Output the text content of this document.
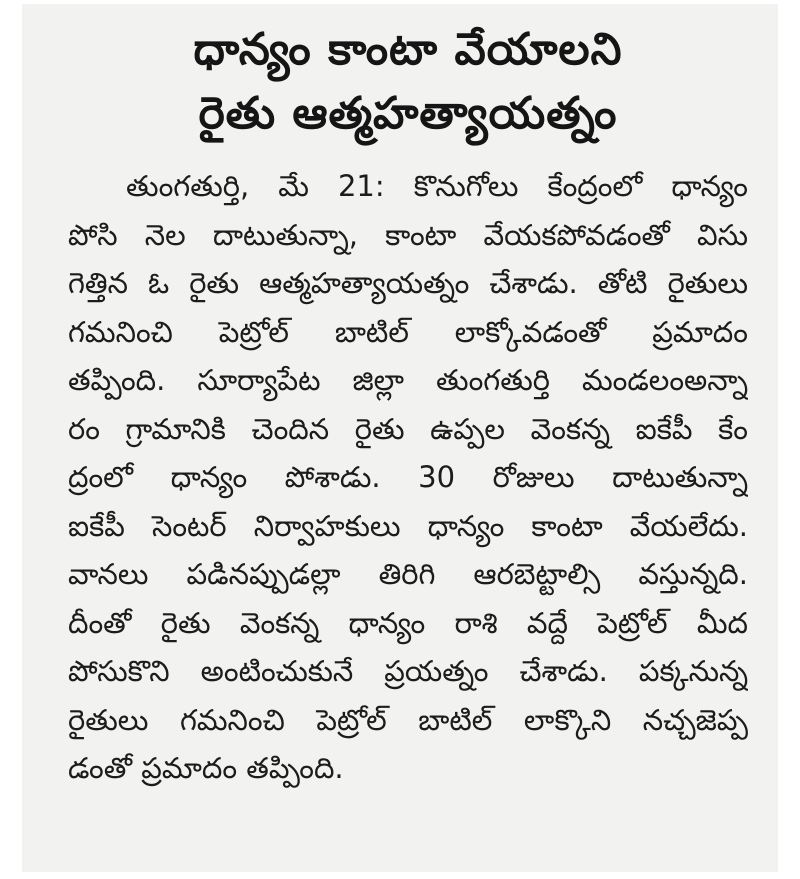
ధాన్యం కాంటా వేయాలని
రైతు ఆత్మహత్యాయత్నం
తుంగతుర్తి, మే 21: కొనుగోలు కేంద్రంలో ధాన్యం
పోసి నెల దాటుతున్నా, కాంటా వేయకపోవడంతో విసు
గెత్తిన ఓ రైతు ఆత్మహత్యాయత్నం చేశాడు. తోటి రైతులు
గమనించి పెట్రోల్ బాటిల్ లాక్కోవడంతో ప్రమాదం
తప్పింది. సూర్యాపేట జిల్లా తుంగతుర్తి మండలంఅన్నా
రం గ్రామానికి చెందిన రైతు ఉప్పల వెంకన్న ఐకేపీ కేం
ద్రంలో ధాన్యం పోశాడు. 30 రోజులు దాటుతున్నా
ఐకేపీ సెంటర్ నిర్వాహకులు ధాన్యం కాంటా వేయలేదు.
వానలు పడినప్పుడల్లా తిరిగి ఆరబెట్టాల్సి వస్తున్నది.
దీంతో రైతు వెంకన్న ధాన్యం రాశి వద్దే పెట్రోల్ మీద
పోసుకొని అంటించుకునే ప్రయత్నం చేశాడు. పక్కనున్న
రైతులు గమనించి పెట్రోల్ బాటిల్ లాక్కొని నచ్చజెప్ప
డంతో ప్రమాదం తప్పింది.
